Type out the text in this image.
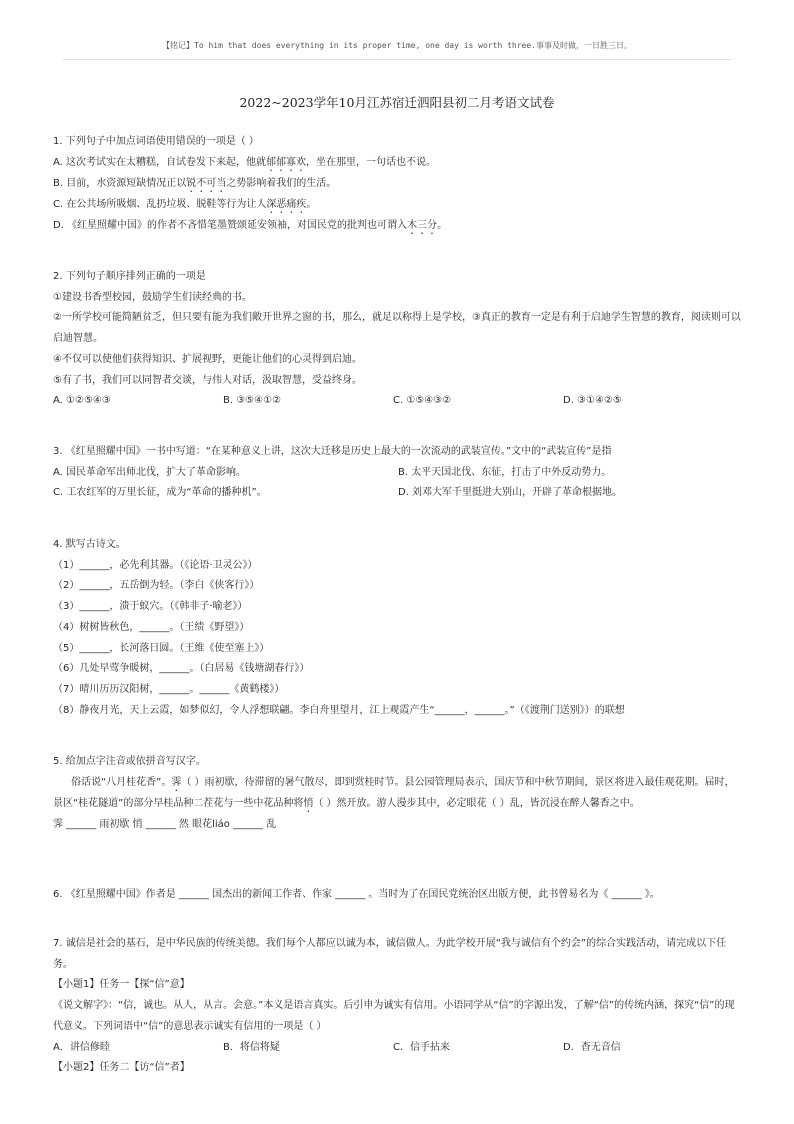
【铭记】To him that does everything in its proper time, one day is worth three.事事及时做，一日胜三日。
2022~2023学年10月江苏宿迁泗阳县初二月考语文试卷

1. 下列句子中加点词语使用错误的一项是（ ）

A. 这次考试实在太糟糕，自试卷发下来起，他就郁郁寡欢，坐在那里，一句话也不说。

B. 目前，水资源短缺情况正以锐不可当之势影响着我们的生活。

C. 在公共场所吸烟、乱扔垃圾、脱鞋等行为让人深恶痛疾。

D. 《红星照耀中国》的作者不吝惜笔墨赞颂延安领袖，对国民党的批判也可谓入木三分。

2. 下列句子顺序排列正确的一项是

①建设书香型校园，鼓励学生们读经典的书。

②一所学校可能简陋贫乏，但只要有能为我们敞开世界之窗的书，那么，就足以称得上是学校，③真正的教育一定是有利于启迪学生智慧的教育，阅读则可以启迪智慧。

④不仅可以使他们获得知识、扩展视野，更能让他们的心灵得到启迪。

⑤有了书，我们可以同智者交谈，与伟人对话，汲取智慧，受益终身。

A. ①②⑤④③	B. ③⑤④①②	C. ①⑤④③②	D. ③①④②⑤

3. 《红星照耀中国》一书中写道：“在某种意义上讲，这次大迁移是历史上最大的一次流动的武装宣传。”文中的“武装宣传”是指

A. 国民革命军出师北伐，扩大了革命影响。	B. 太平天国北伐、东征，打击了中外反动势力。

C. 工农红军的万里长征，成为“革命的播种机”。	D. 刘邓大军千里挺进大别山，开辟了革命根据地。

4. 默写古诗文。

（1）______，必先利其器。（《论语·卫灵公》）

（2）______，五岳倒为轻。（李白《侠客行》）

（3）______，溃于蚁穴。（《韩非子·喻老》）

（4）树树皆秋色，______。（王绩《野望》）

（5）______，长河落日圆。（王维《使至塞上》）

（6）几处早莺争暖树，______。（白居易《钱塘湖春行》）

（7）晴川历历汉阳树，______。______《黄鹤楼》）

（8）静夜月光，天上云霞，如梦似幻，令人浮想联翩。李白舟里望月，江上观霞产生“______，______。”（《渡荆门送别》）的联想

5. 给加点字注音或依拼音写汉字。

俗话说“八月桂花香”。霁（ ）雨初歇，待滞留的暑气散尽，即到赏桂时节。县公园管理局表示，国庆节和中秋节期间，景区将进入最佳观花期。届时，景区“桂花隧道”的部分早桂品种二茬花与一些中花品种将悄（ ）然开放。游人漫步其中，必定眼花（ ）乱，皆沉浸在醉人馨香之中。

霁 ______ 雨初歇 悄 ______ 然 眼花liáo ______ 乱

6. 《红星照耀中国》作者是 ______ 国杰出的新闻工作者、作家 ______ 。当时为了在国民党统治区出版方便，此书曾易名为《 ______ 》。

7. 诚信是社会的基石，是中华民族的传统美德。我们每个人都应以诚为本，诚信做人。为此学校开展“我与诚信有个约会”的综合实践活动，请完成以下任务。

【小题1】任务一【探“信”意】

《说文解字》：“信，诚也。从人，从言。会意。”本义是语言真实。后引申为诚实有信用。小语同学从“信”的字源出发，了解“信”的传统内涵，探究“信”的现代意义。下列词语中“信”的意思表示诚实有信用的一项是（ ）

A．讲信修睦	B．将信将疑	C．信手拈来	D．杳无音信

【小题2】任务二【访“信”者】
